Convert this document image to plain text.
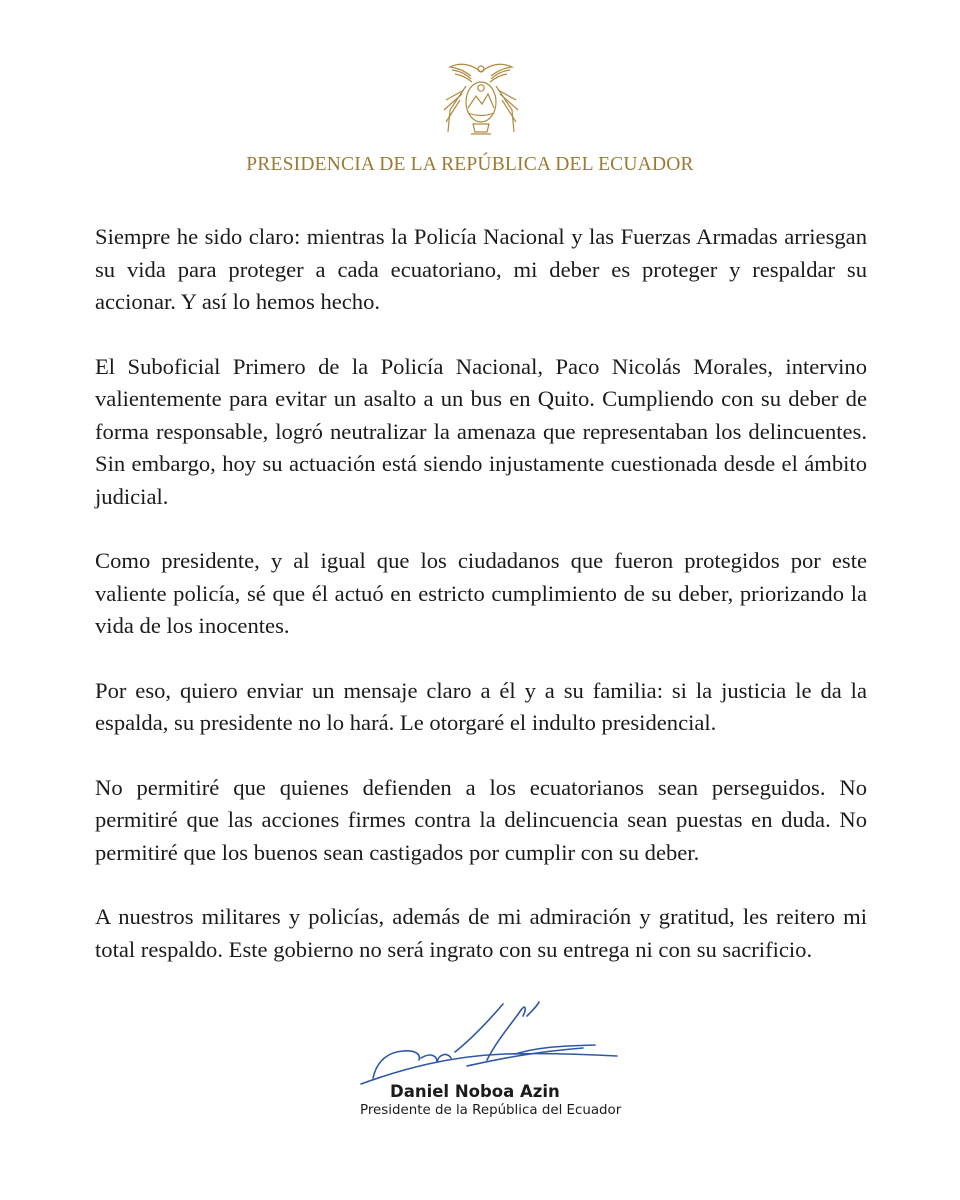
PRESIDENCIA DE LA REPÚBLICA DEL ECUADOR

Siempre he sido claro: mientras la Policía Nacional y las Fuerzas Armadas arriesgan su vida para proteger a cada ecuatoriano, mi deber es proteger y respaldar su accionar. Y así lo hemos hecho.

El Suboficial Primero de la Policía Nacional, Paco Nicolás Morales, intervino valientemente para evitar un asalto a un bus en Quito. Cumpliendo con su deber de forma responsable, logró neutralizar la amenaza que representaban los delincuentes. Sin embargo, hoy su actuación está siendo injustamente cuestionada desde el ámbito judicial.

Como presidente, y al igual que los ciudadanos que fueron protegidos por este valiente policía, sé que él actuó en estricto cumplimiento de su deber, priorizando la vida de los inocentes.

Por eso, quiero enviar un mensaje claro a él y a su familia: si la justicia le da la espalda, su presidente no lo hará. Le otorgaré el indulto presidencial.

No permitiré que quienes defienden a los ecuatorianos sean perseguidos. No permitiré que las acciones firmes contra la delincuencia sean puestas en duda. No permitiré que los buenos sean castigados por cumplir con su deber.

A nuestros militares y policías, además de mi admiración y gratitud, les reitero mi total respaldo. Este gobierno no será ingrato con su entrega ni con su sacrificio.

Daniel Noboa Azin
Presidente de la República del Ecuador
